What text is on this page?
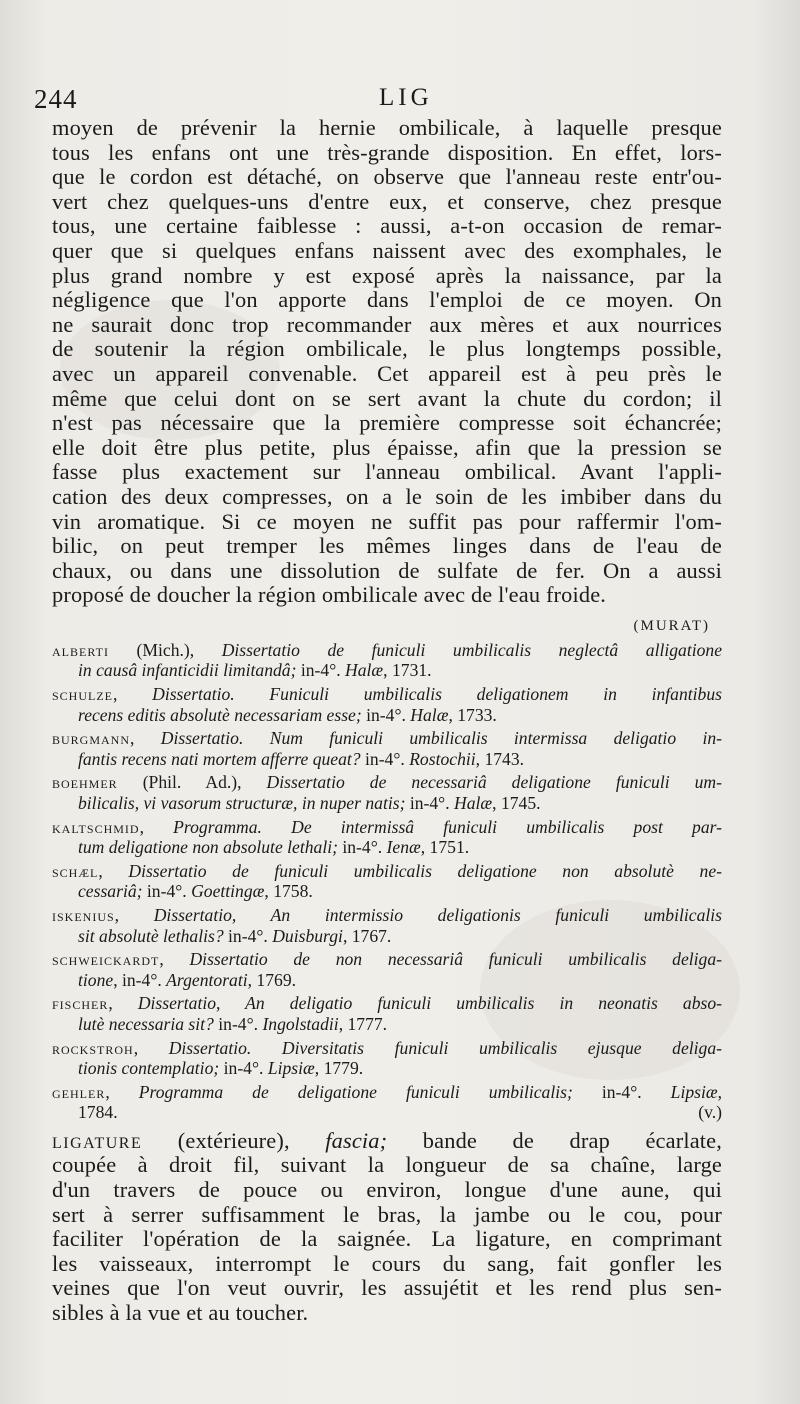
244	LIG
moyen de prévenir la hernie ombilicale, à laquelle presque
tous les enfans ont une très-grande disposition. En effet, lors-
que le cordon est détaché, on observe que l'anneau reste entr'ou-
vert chez quelques-uns d'entre eux, et conserve, chez presque
tous, une certaine faiblesse : aussi, a-t-on occasion de remar-
quer que si quelques enfans naissent avec des exomphales, le
plus grand nombre y est exposé après la naissance, par la
négligence que l'on apporte dans l'emploi de ce moyen. On
ne saurait donc trop recommander aux mères et aux nourrices
de soutenir la région ombilicale, le plus longtemps possible,
avec un appareil convenable. Cet appareil est à peu près le
même que celui dont on se sert avant la chute du cordon; il
n'est pas nécessaire que la première compresse soit échancrée;
elle doit être plus petite, plus épaisse, afin que la pression se
fasse plus exactement sur l'anneau ombilical. Avant l'appli-
cation des deux compresses, on a le soin de les imbiber dans du
vin aromatique. Si ce moyen ne suffit pas pour raffermir l'om-
bilic, on peut tremper les mêmes linges dans de l'eau de
chaux, ou dans une dissolution de sulfate de fer. On a aussi
proposé de doucher la région ombilicale avec de l'eau froide.
(MURAT)
alberti (Mich.), Dissertatio de funiculi umbilicalis neglectâ alligatione
in causâ infanticidii limitandâ; in-4°. Halæ, 1731.
schulze, Dissertatio. Funiculi umbilicalis deligationem in infantibus
recens editis absolutè necessariam esse; in-4°. Halæ, 1733.
burgmann, Dissertatio. Num funiculi umbilicalis intermissa deligatio in-
fantis recens nati mortem afferre queat? in-4°. Rostochii, 1743.
boehmer (Phil. Ad.), Dissertatio de necessariâ deligatione funiculi um-
bilicalis, vi vasorum structuræ, in nuper natis; in-4°. Halæ, 1745.
kaltschmid, Programma. De intermissâ funiculi umbilicalis post par-
tum deligatione non absolute lethali; in-4°. Ienæ, 1751.
schæl, Dissertatio de funiculi umbilicalis deligatione non absolutè ne-
cessariâ; in-4°. Goettingæ, 1758.
iskenius, Dissertatio, An intermissio deligationis funiculi umbilicalis
sit absolutè lethalis? in-4°. Duisburgi, 1767.
schweickardt, Dissertatio de non necessariâ funiculi umbilicalis deliga-
tione, in-4°. Argentorati, 1769.
fischer, Dissertatio, An deligatio funiculi umbilicalis in neonatis abso-
lutè necessaria sit? in-4°. Ingolstadii, 1777.
rockstroh, Dissertatio. Diversitatis funiculi umbilicalis ejusque deliga-
tionis contemplatio; in-4°. Lipsiæ, 1779.
gehler, Programma de deligatione funiculi umbilicalis; in-4°. Lipsiæ,
1784. (v.)
ligature (extérieure), fascia; bande de drap écarlate,
coupée à droit fil, suivant la longueur de sa chaîne, large
d'un travers de pouce ou environ, longue d'une aune, qui
sert à serrer suffisamment le bras, la jambe ou le cou, pour
faciliter l'opération de la saignée. La ligature, en comprimant
les vaisseaux, interrompt le cours du sang, fait gonfler les
veines que l'on veut ouvrir, les assujétit et les rend plus sen-
sibles à la vue et au toucher.
